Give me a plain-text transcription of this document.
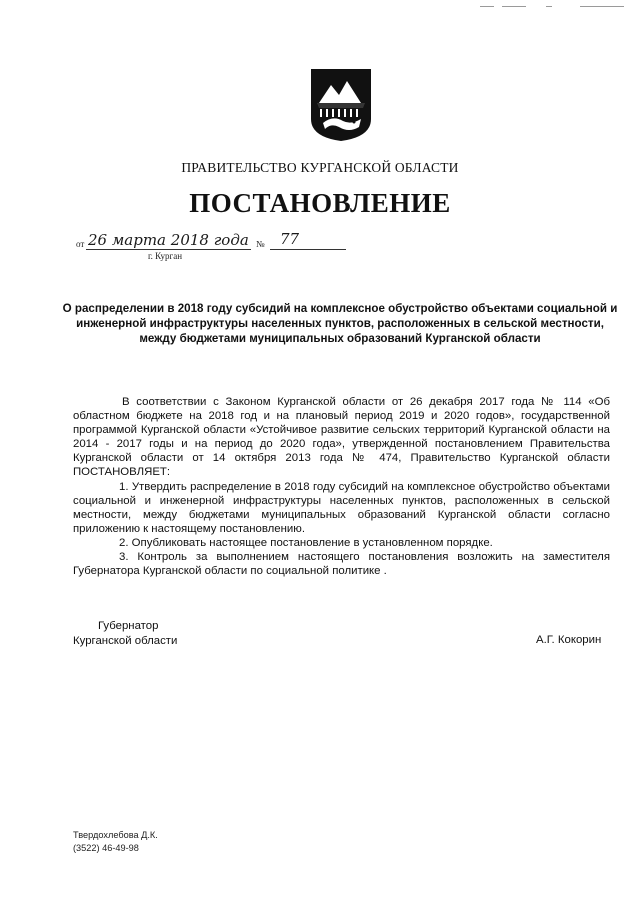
ПРАВИТЕЛЬСТВО КУРГАНСКОЙ ОБЛАСТИ
ПОСТАНОВЛЕНИЕ
от 26 марта 2018 года № 77
г. Курган
О распределении в 2018 году субсидий на комплексное обустройство объектами социальной и инженерной инфраструктуры населенных пунктов, расположенных в сельской местности, между бюджетами муниципальных образований Курганской области

В соответствии с Законом Курганской области от 26 декабря 2017 года № 114 «Об областном бюджете на 2018 год и на плановый период 2019 и 2020 годов», государственной программой Курганской области «Устойчивое развитие сельских территорий Курганской области на 2014 - 2017 годы и на период до 2020 года», утвержденной постановлением Правительства Курганской области от 14 октября 2013 года № 474, Правительство Курганской области ПОСТАНОВЛЯЕТ:

1. Утвердить распределение в 2018 году субсидий на комплексное обустройство объектами социальной и инженерной инфраструктуры населенных пунктов, расположенных в сельской местности, между бюджетами муниципальных образований Курганской области согласно приложению к настоящему постановлению.

2. Опубликовать настоящее постановление в установленном порядке.

3. Контроль за выполнением настоящего постановления возложить на заместителя Губернатора Курганской области по социальной политике .

Губернатор
Курганской области	А.Г. Кокорин
Твердохлебова Д.К.
(3522) 46-49-98
